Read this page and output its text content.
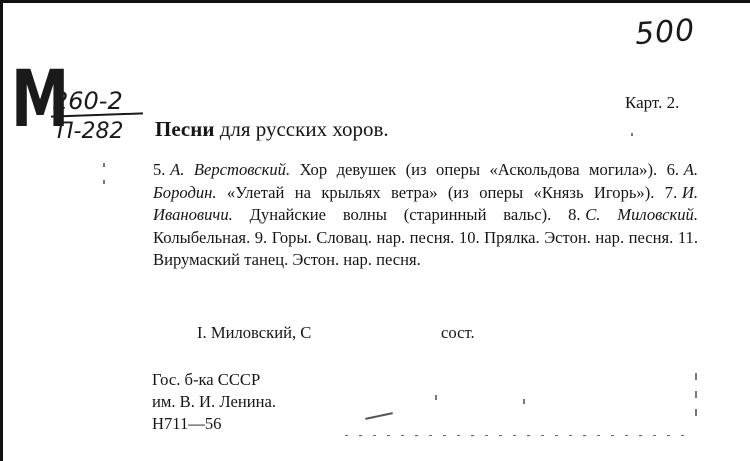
500
M
260-2
П-282
Карт. 2.
Песни для русских хоров.

5. А. Верстовский. Хор девушек (из оперы «Аскольдова могила»). 6. А. Бородин. «Улетай на крыльях ветра» (из оперы «Князь Игорь»). 7. И. Ивановичи. Дунайские волны (старинный вальс). 8. С. Миловский. Колыбельная. 9. Горы. Словац. нар. песня. 10. Прялка. Эстон. нар. песня. 11. Вирумаский танец. Эстон. нар. песня.

I. Миловский, С	сост.
Гос. б-ка СССР
им. В. И. Ленина.
Н711—56
